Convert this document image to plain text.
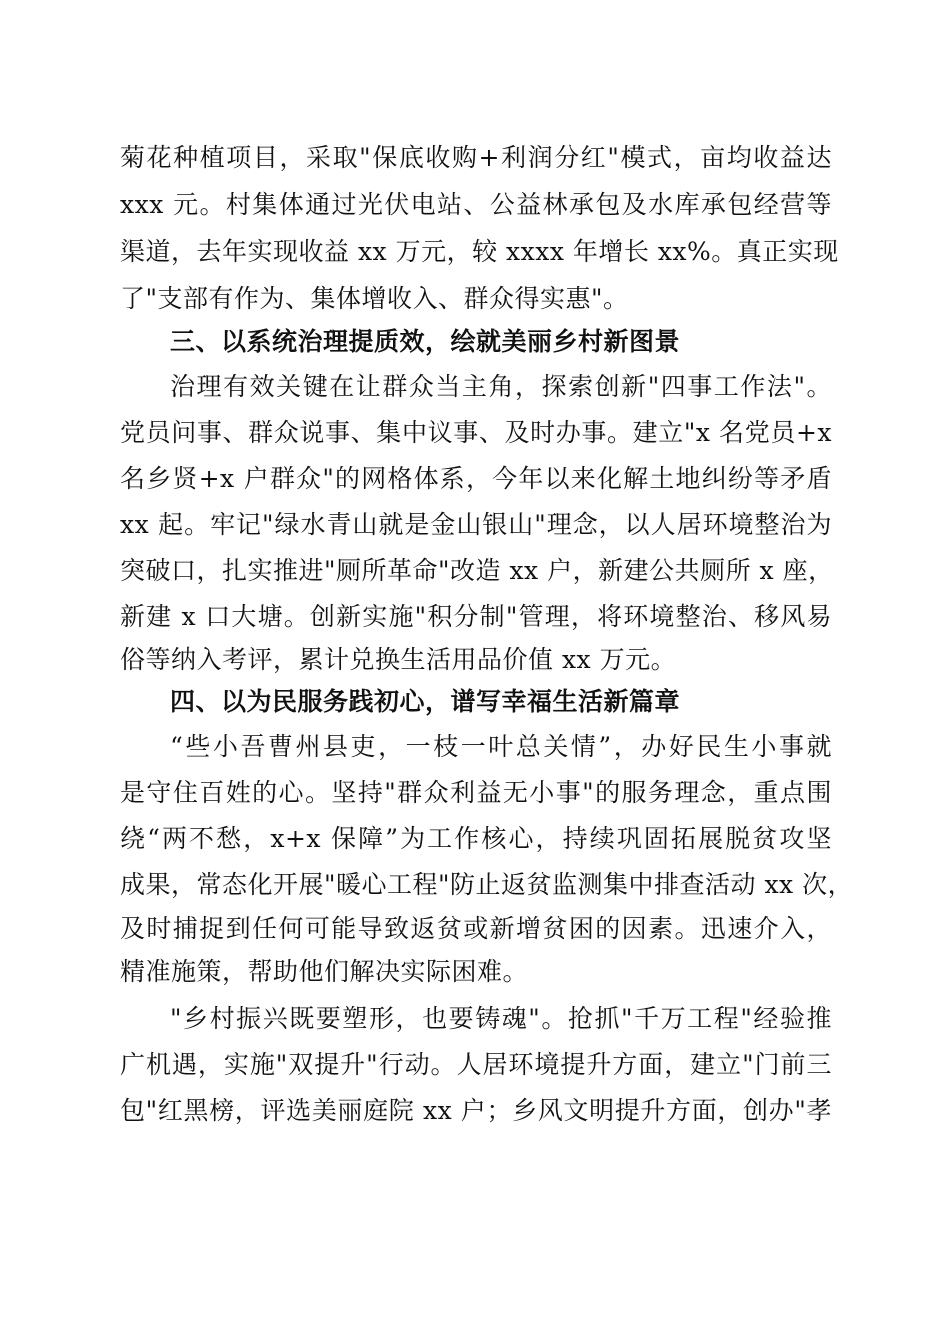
菊花种植项目，采取"保底收购+利润分红"模式，亩均收益达
xxx 元。村集体通过光伏电站、公益林承包及水库承包经营等
渠道，去年实现收益 xx 万元，较 xxxx 年增长 xx%。真正实现
了"支部有作为、集体增收入、群众得实惠"。
三、以系统治理提质效，绘就美丽乡村新图景
治理有效关键在让群众当主角，探索创新"四事工作法"。
党员问事、群众说事、集中议事、及时办事。建立"x 名党员+x
名乡贤+x 户群众"的网格体系，今年以来化解土地纠纷等矛盾
xx 起。牢记"绿水青山就是金山银山"理念，以人居环境整治为
突破口，扎实推进"厕所革命"改造 xx 户，新建公共厕所 x 座，
新建 x 口大塘。创新实施"积分制"管理，将环境整治、移风易
俗等纳入考评，累计兑换生活用品价值 xx 万元。
四、以为民服务践初心，谱写幸福生活新篇章
“些小吾曹州县吏，一枝一叶总关情”，办好民生小事就
是守住百姓的心。坚持"群众利益无小事"的服务理念，重点围
绕“两不愁，x+x 保障”为工作核心，持续巩固拓展脱贫攻坚
成果，常态化开展"暖心工程"防止返贫监测集中排查活动 xx 次，
及时捕捉到任何可能导致返贫或新增贫困的因素。迅速介入，
精准施策，帮助他们解决实际困难。
"乡村振兴既要塑形，也要铸魂"。抢抓"千万工程"经验推
广机遇，实施"双提升"行动。人居环境提升方面，建立"门前三
包"红黑榜，评选美丽庭院 xx 户；乡风文明提升方面，创办"孝
